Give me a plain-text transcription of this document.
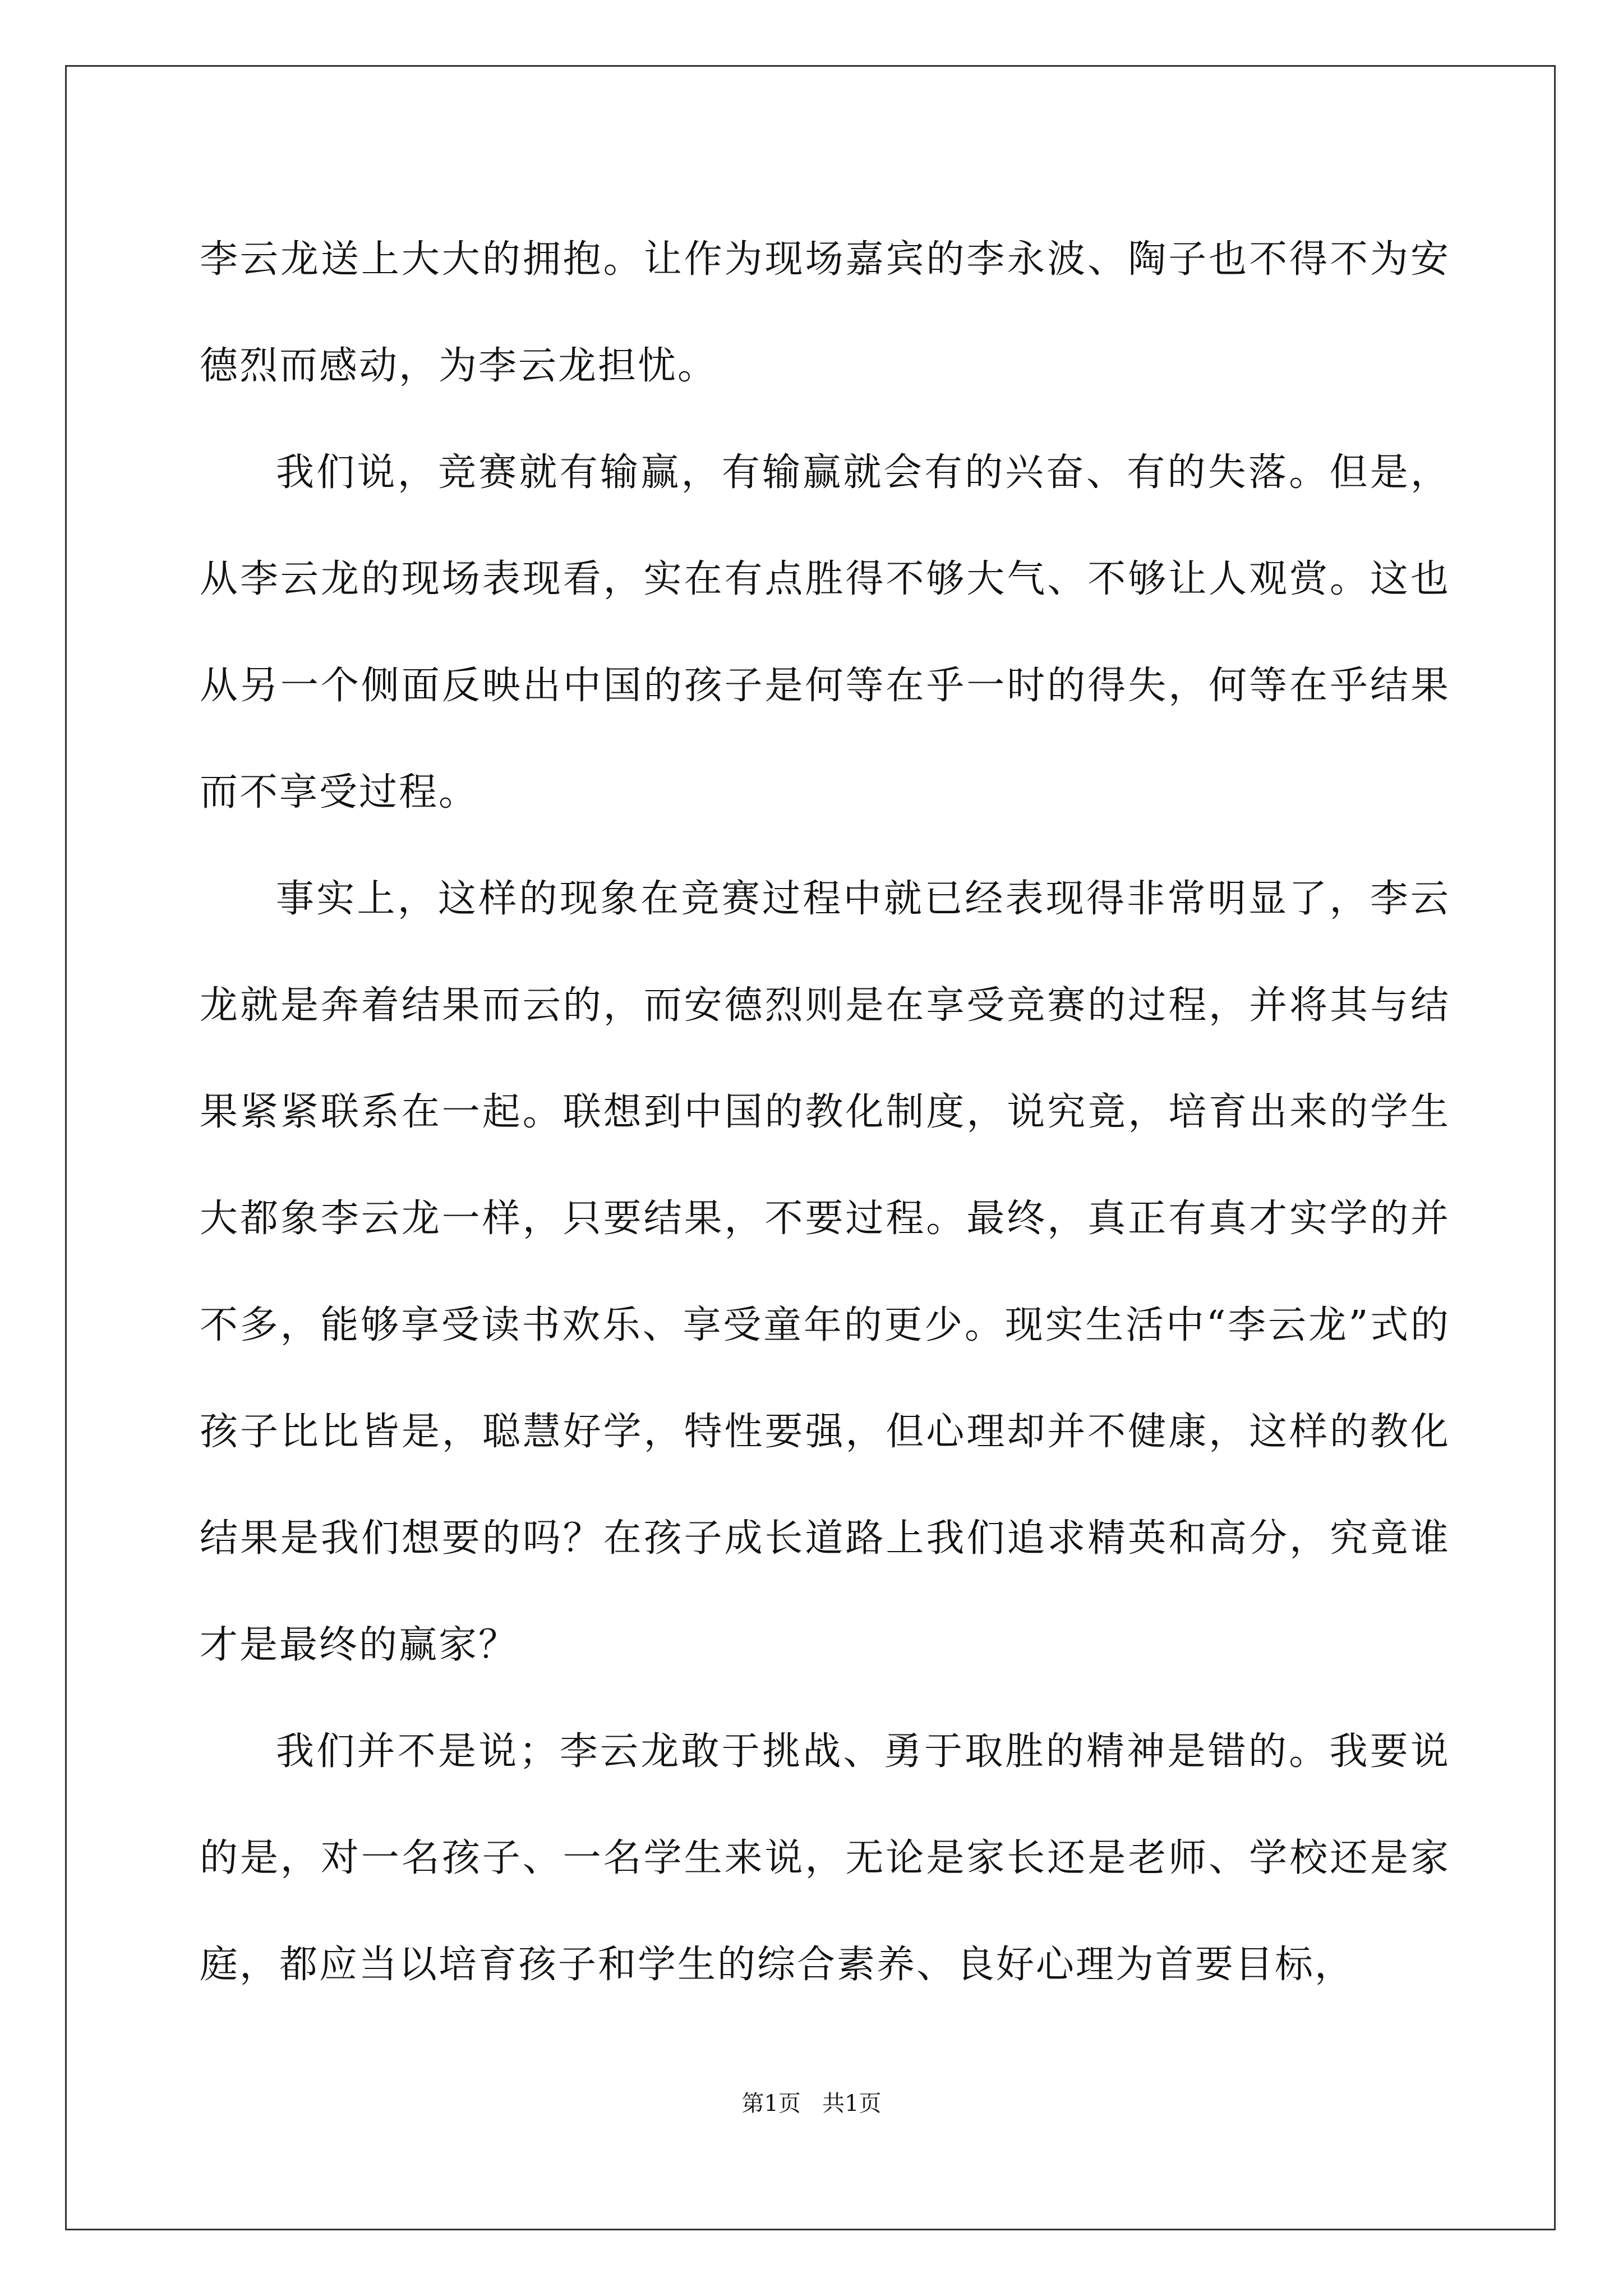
李云龙送上大大的拥抱。让作为现场嘉宾的李永波、陶子也不得不为安德烈而感动，为李云龙担忧。

我们说，竞赛就有输赢，有输赢就会有的兴奋、有的失落。但是，从李云龙的现场表现看，实在有点胜得不够大气、不够让人观赏。这也从另一个侧面反映出中国的孩子是何等在乎一时的得失，何等在乎结果而不享受过程。

事实上，这样的现象在竞赛过程中就已经表现得非常明显了，李云龙就是奔着结果而云的，而安德烈则是在享受竞赛的过程，并将其与结果紧紧联系在一起。联想到中国的教化制度，说究竟，培育出来的学生大都象李云龙一样，只要结果，不要过程。最终，真正有真才实学的并不多，能够享受读书欢乐、享受童年的更少。现实生活中“李云龙”式的孩子比比皆是，聪慧好学，特性要强，但心理却并不健康，这样的教化结果是我们想要的吗？在孩子成长道路上我们追求精英和高分，究竟谁才是最终的赢家？

我们并不是说；李云龙敢于挑战、勇于取胜的精神是错的。我要说的是，对一名孩子、一名学生来说，无论是家长还是老师、学校还是家庭，都应当以培育孩子和学生的综合素养、良好心理为首要目标，

第1页 共1页
